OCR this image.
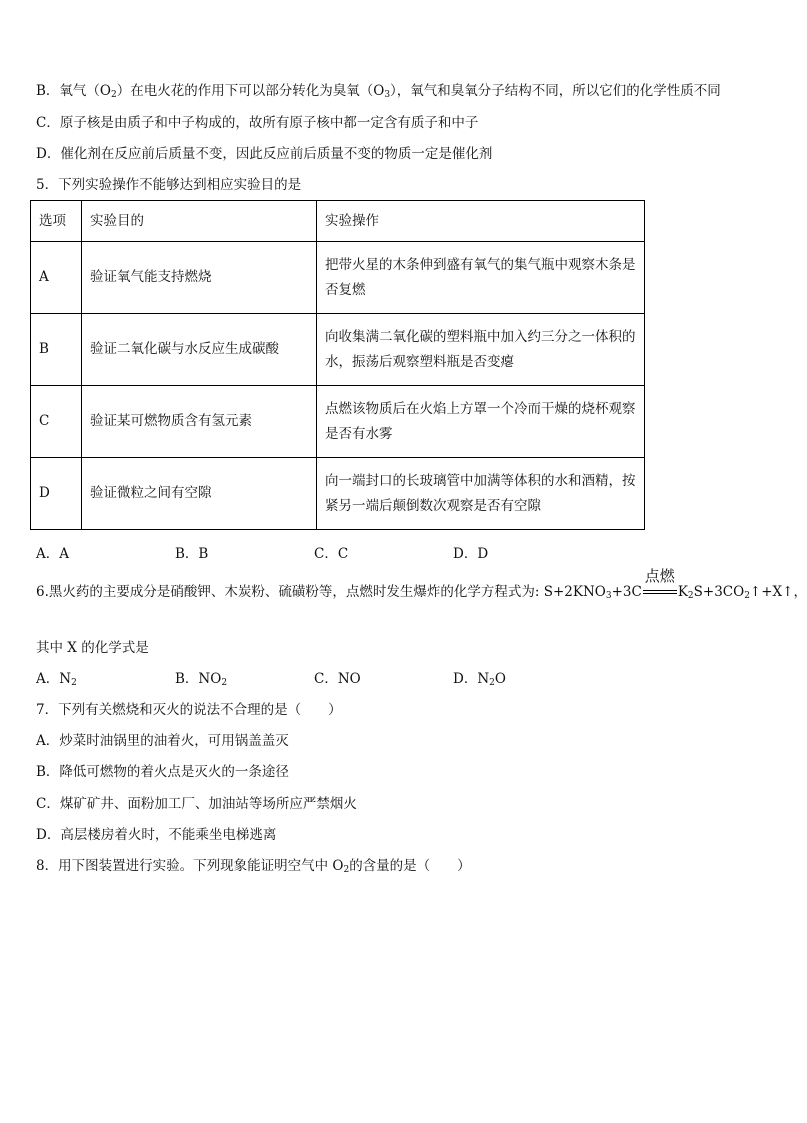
B．氧气$(O_2)$在电火花的作用下可以部分转化为臭氧$(O_3)$，氧气和臭氧分子结构不同，所以它们的化学性质不同
C．原子核是由质子和中子构成的，故所有原子核中都一定含有质子和中子
D．催化剂在反应前后质量不变，因此反应前后质量不变的物质一定是催化剂
5．下列实验操作不能够达到相应实验目的是
选项	实验目的	实验操作
A	验证氧气能支持燃烧	把带火星的木条伸到盛有氧气的集气瓶中观察木条是否复燃
B	验证二氧化碳与水反应生成碳酸	向收集满二氧化碳的塑料瓶中加入约三分之一体积的水，振荡后观察塑料瓶是否变瘪
C	验证某可燃物质含有氢元素	点燃该物质后在火焰上方罩一个冷而干燥的烧杯观察是否有水雾
D	验证微粒之间有空隙	向一端封口的长玻璃管中加满等体积的水和酒精，按紧另一端后颠倒数次观察是否有空隙
A．A	B．B	C．C	D．D
6.黑火药的主要成分是硝酸钾、木炭粉、硫磺粉等，点燃时发生爆炸的化学方程式为: $S+2KNO_3+3C$
点燃
$K_2S+3CO_2↑+X↑$，
其中 X 的化学式是
A．$N_2$	B．$NO_2$	C．NO	D．$N_2O$
7．下列有关燃烧和灭火的说法不合理的是（　　）
A．炒菜时油锅里的油着火，可用锅盖盖灭
B．降低可燃物的着火点是灭火的一条途径
C．煤矿矿井、面粉加工厂、加油站等场所应严禁烟火
D．高层楼房着火时，不能乘坐电梯逃离
8．用下图装置进行实验。下列现象能证明空气中 $O_2$的含量的是（　　）
